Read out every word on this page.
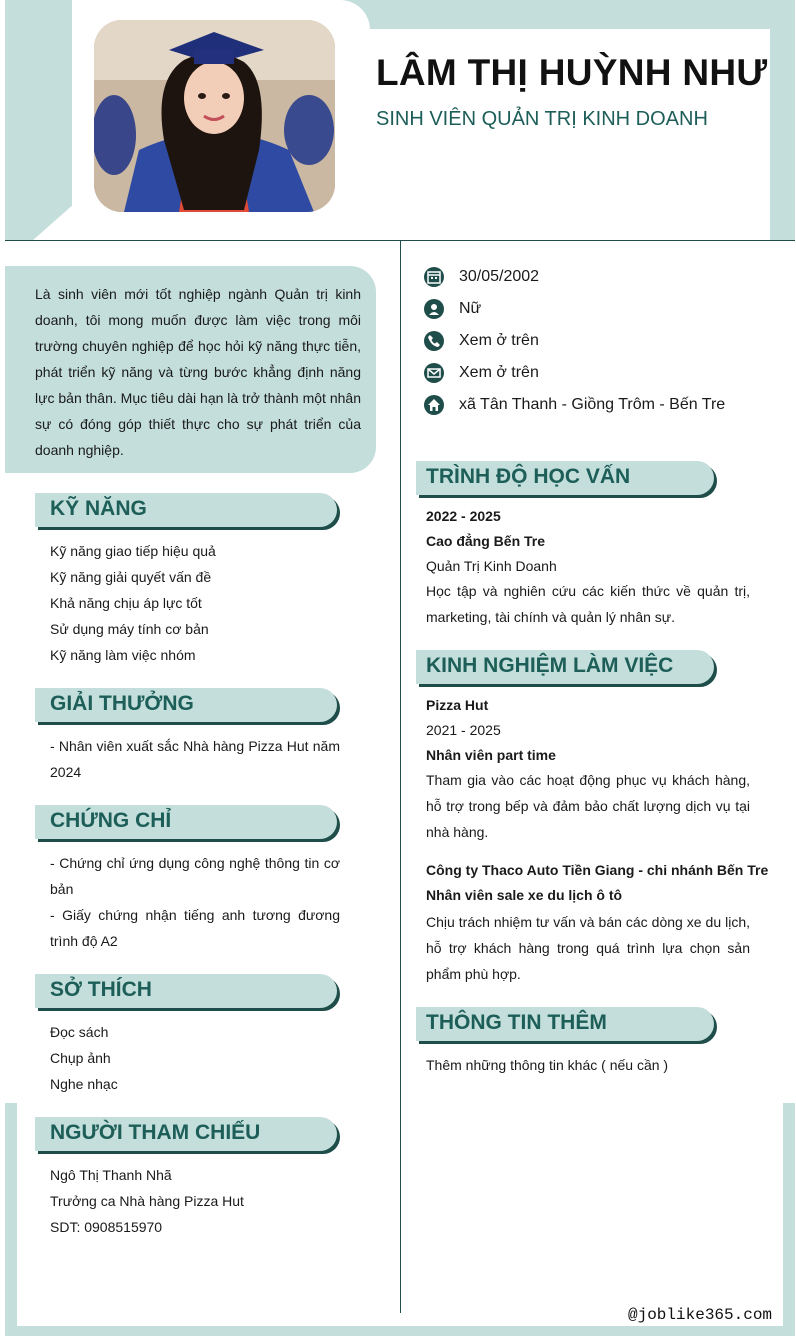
LÂM THỊ HUỲNH NHƯ
SINH VIÊN QUẢN TRỊ KINH DOANH
Là sinh viên mới tốt nghiệp ngành Quản trị kinh doanh, tôi mong muốn được làm việc trong môi trường chuyên nghiệp để học hỏi kỹ năng thực tiễn, phát triển kỹ năng và từng bước khẳng định năng lực bản thân. Mục tiêu dài hạn là trở thành một nhân sự có đóng góp thiết thực cho sự phát triển của doanh nghiệp.
30/05/2002
Nữ
Xem ở trên
Xem ở trên
xã Tân Thanh - Giồng Trôm - Bến Tre
KỸ NĂNG
Kỹ năng giao tiếp hiệu quả
Kỹ năng giải quyết vấn đề
Khả năng chịu áp lực tốt
Sử dụng máy tính cơ bản
Kỹ năng làm việc nhóm
GIẢI THƯỞNG
- Nhân viên xuất sắc Nhà hàng Pizza Hut năm 2024
CHỨNG CHỈ
- Chứng chỉ ứng dụng công nghệ thông tin cơ bản
- Giấy chứng nhận tiếng anh tương đương trình độ A2
SỞ THÍCH
Đọc sách
Chụp ảnh
Nghe nhạc
NGƯỜI THAM CHIẾU
Ngô Thị Thanh Nhã
Trưởng ca Nhà hàng Pizza Hut
SDT: 0908515970
TRÌNH ĐỘ HỌC VẤN
2022 - 2025
Cao đẳng Bến Tre
Quản Trị Kinh Doanh
Học tập và nghiên cứu các kiến thức về quản trị, marketing, tài chính và quản lý nhân sự.
KINH NGHIỆM LÀM VIỆC
Pizza Hut
2021 - 2025
Nhân viên part time
Tham gia vào các hoạt động phục vụ khách hàng, hỗ trợ trong bếp và đảm bảo chất lượng dịch vụ tại nhà hàng.
Công ty Thaco Auto Tiền Giang - chi nhánh Bến Tre
Nhân viên sale xe du lịch ô tô
Chịu trách nhiệm tư vấn và bán các dòng xe du lịch, hỗ trợ khách hàng trong quá trình lựa chọn sản phẩm phù hợp.
THÔNG TIN THÊM
Thêm những thông tin khác ( nếu cần )
@joblike365.com
